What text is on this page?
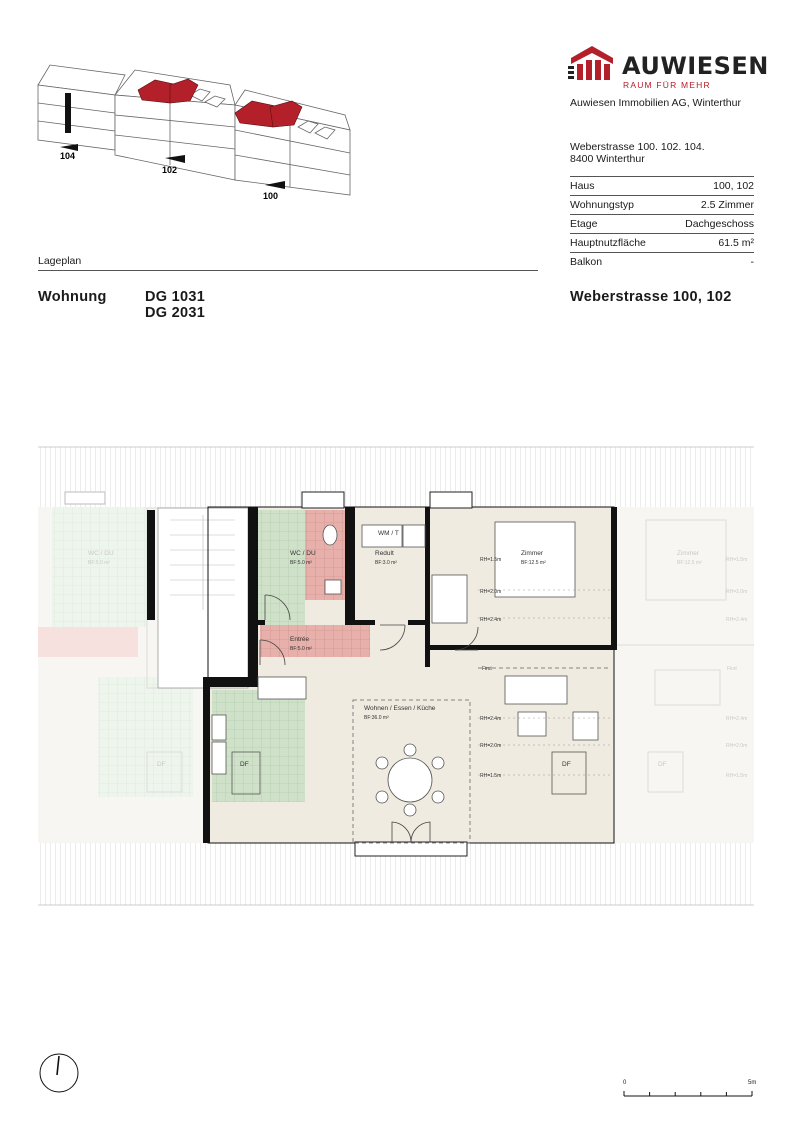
104
102
100
Lageplan
AUWIESEN
RAUM FÜR MEHR
Auwiesen Immobilien AG, Winterthur
Weberstrasse 100. 102. 104.
8400 Winterthur
Haus	100, 102
Wohnungstyp	2.5 Zimmer
Etage	Dachgeschoss
Hauptnutzfläche	61.5 m²
Balkon	-
Wohnung	DG 1031
DG 2031
Weberstrasse 100, 102
WC / DU
BF:5.0 m²
Redult
BF:3.0 m²
WM / T
Zimmer
BF:12.5 m²
Entrée
BF:5.0 m²
Wohnen / Essen / Küche
BF:36.0 m²
DF	DF
First
RH=1.5m
RH=2.0m
RH=2.4m
RH=2.4m
RH=2.0m
RH=1.5m
WC / DU
BF:5.0 m²
Zimmer
BF:12.5 m²
DF	DF
First
RH=1.5m
RH=2.0m
RH=2.4m
RH=2.4m
RH=2.0m
RH=1.5m
0	5m
